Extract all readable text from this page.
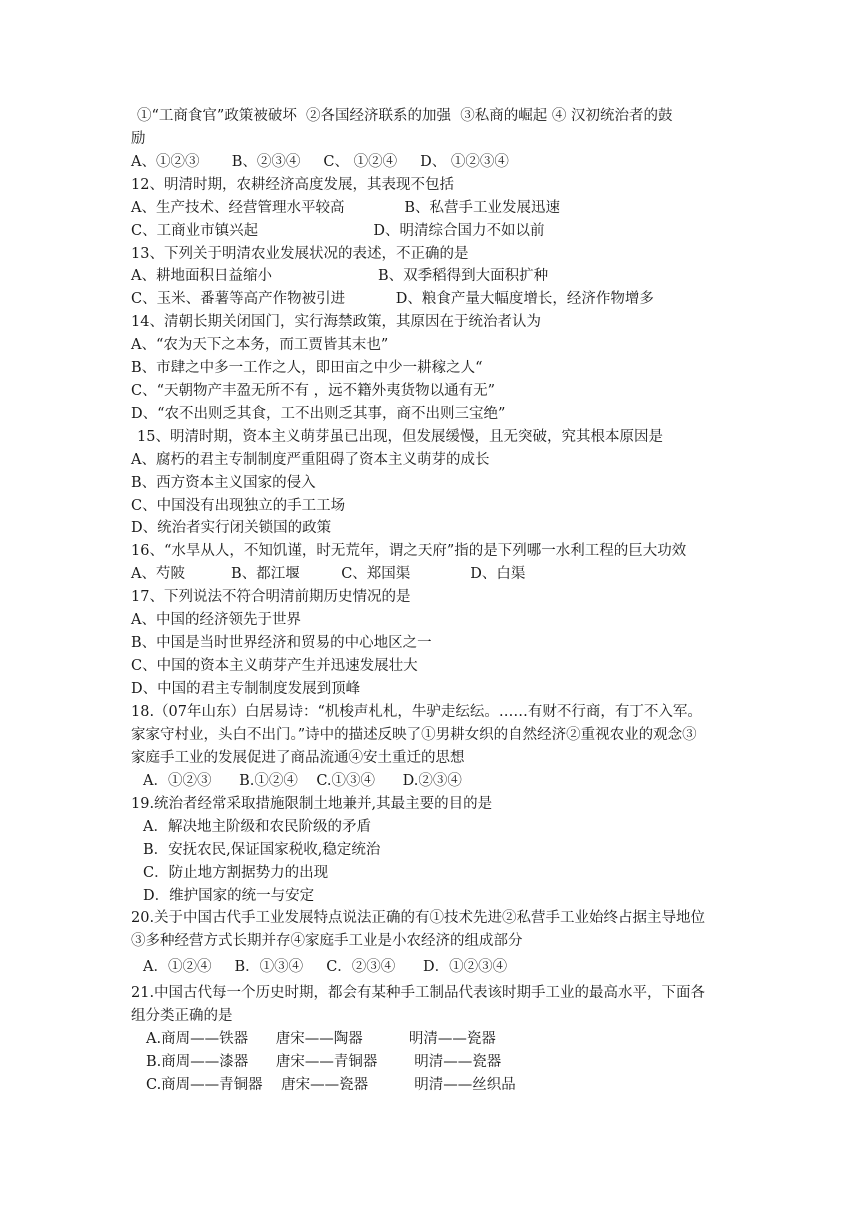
①“工商食官”政策被破坏  ②各国经济联系的加强  ③私商的崛起 ④ 汉初统治者的鼓
励
A、①②③       B、②③④     C、 ①②④     D、 ①②③④
12、明清时期，农耕经济高度发展，其表现不包括
A、生产技术、经营管理水平较高             B、私营手工业发展迅速
C、工商业市镇兴起                         D、明清综合国力不如以前
13、下列关于明清农业发展状况的表述，不正确的是
A、耕地面积日益缩小                       B、双季稻得到大面积扩种
C、玉米、番薯等高产作物被引进           D、粮食产量大幅度增长，经济作物增多
14、清朝长期关闭国门，实行海禁政策，其原因在于统治者认为
A、“农为天下之本务，而工贾皆其末也”
B、市肆之中多一工作之人，即田亩之中少一耕稼之人“
C、“天朝物产丰盈无所不有 ，远不籍外夷货物以通有无”
D、“农不出则乏其食，工不出则乏其事，商不出则三宝绝”
15、明清时期，资本主义萌芽虽已出现，但发展缓慢，且无突破，究其根本原因是
A、腐朽的君主专制制度严重阻碍了资本主义萌芽的成长
B、西方资本主义国家的侵入
C、中国没有出现独立的手工工场
D、统治者实行闭关锁国的政策
16、“水旱从人，不知饥谨，时无荒年，谓之天府”指的是下列哪一水利工程的巨大功效
A、芍陂          B、都江堰         C、郑国渠             D、白渠
17、下列说法不符合明清前期历史情况的是
A、中国的经济领先于世界
B、中国是当时世界经济和贸易的中心地区之一
C、中国的资本主义萌芽产生并迅速发展壮大
D、中国的君主专制制度发展到顶峰
18.（07年山东）白居易诗：“机梭声札札，牛驴走纭纭。……有财不行商，有丁不入军。
家家守村业，头白不出门。”诗中的描述反映了①男耕女织的自然经济②重视农业的观念③
家庭手工业的发展促进了商品流通④安土重迁的思想
A．①②③      B.①②④    C.①③④      D.②③④
19.统治者经常采取措施限制土地兼并,其最主要的目的是
A．解决地主阶级和农民阶级的矛盾
B．安抚农民,保证国家税收,稳定统治
C．防止地方割据势力的出现
D．维护国家的统一与安定
20.关于中国古代手工业发展特点说法正确的有①技术先进②私营手工业始终占据主导地位
③多种经营方式长期并存④家庭手工业是小农经济的组成部分
A．①②④     B．①③④     C．②③④      D．①②③④
21.中国古代每一个历史时期，都会有某种手工制品代表该时期手工业的最高水平，下面各
组分类正确的是
A.商周——铁器      唐宋——陶器          明清——瓷器
B.商周——漆器      唐宋——青铜器        明清——瓷器
C.商周——青铜器    唐宋——瓷器          明清——丝织品
